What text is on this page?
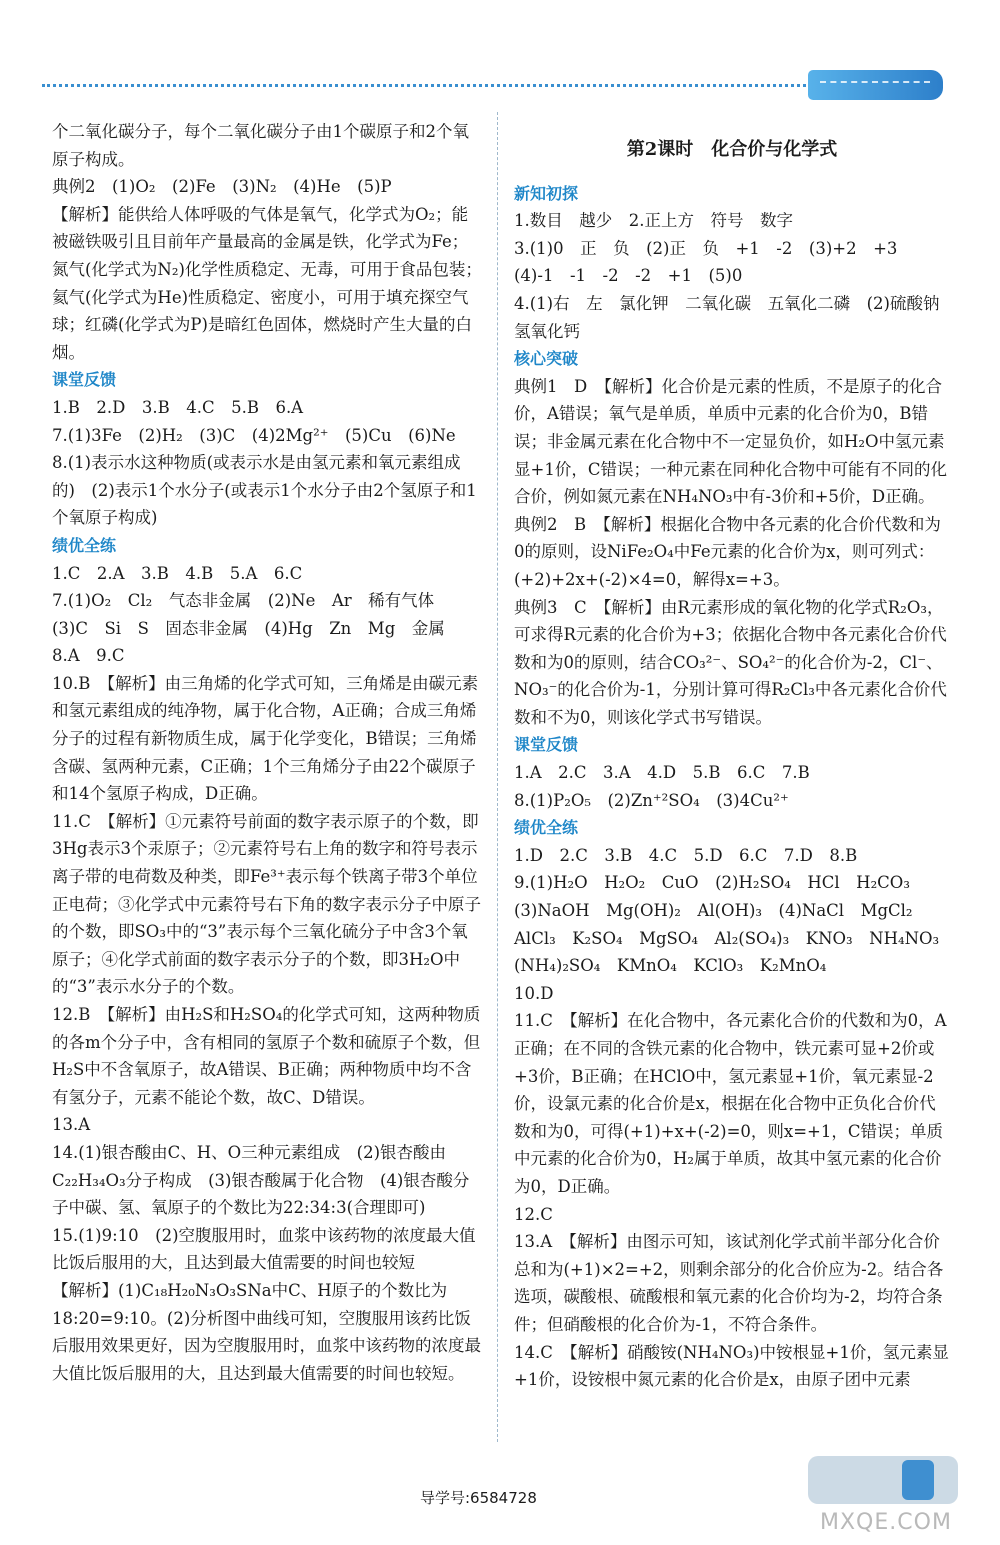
个二氧化碳分子，每个二氧化碳分子由1个碳原子和2个氧原子构成。

典例2　(1)O₂　(2)Fe　(3)N₂　(4)He　(5)P

【解析】能供给人体呼吸的气体是氧气，化学式为O₂；能被磁铁吸引且目前年产量最高的金属是铁，化学式为Fe；氮气(化学式为N₂)化学性质稳定、无毒，可用于食品包装；氦气(化学式为He)性质稳定、密度小，可用于填充探空气球；红磷(化学式为P)是暗红色固体，燃烧时产生大量的白烟。

课堂反馈

1.B　2.D　3.B　4.C　5.B　6.A

7.(1)3Fe　(2)H₂　(3)C　(4)2Mg²⁺　(5)Cu　(6)Ne

8.(1)表示水这种物质(或表示水是由氢元素和氧元素组成的)　(2)表示1个水分子(或表示1个水分子由2个氢原子和1个氧原子构成)

绩优全练

1.C　2.A　3.B　4.B　5.A　6.C

7.(1)O₂　Cl₂　气态非金属　(2)Ne　Ar　稀有气体
(3)C　Si　S　固态非金属　(4)Hg　Zn　Mg　金属

8.A　9.C

10.B　【解析】由三角烯的化学式可知，三角烯是由碳元素和氢元素组成的纯净物，属于化合物，A正确；合成三角烯分子的过程有新物质生成，属于化学变化，B错误；三角烯含碳、氢两种元素，C正确；1个三角烯分子由22个碳原子和14个氢原子构成，D正确。

11.C　【解析】①元素符号前面的数字表示原子的个数，即3Hg表示3个汞原子；②元素符号右上角的数字和符号表示离子带的电荷数及种类，即Fe³⁺表示每个铁离子带3个单位正电荷；③化学式中元素符号右下角的数字表示分子中原子的个数，即SO₃中的“3”表示每个三氧化硫分子中含3个氧原子；④化学式前面的数字表示分子的个数，即3H₂O中的“3”表示水分子的个数。

12.B　【解析】由H₂S和H₂SO₄的化学式可知，这两种物质的各m个分子中，含有相同的氢原子个数和硫原子个数，但H₂S中不含氧原子，故A错误、B正确；两种物质中均不含有氢分子，元素不能论个数，故C、D错误。

13.A

14.(1)银杏酸由C、H、O三种元素组成　(2)银杏酸由C₂₂H₃₄O₃分子构成　(3)银杏酸属于化合物　(4)银杏酸分子中碳、氢、氧原子的个数比为22:34:3(合理即可)

15.(1)9:10　(2)空腹服用时，血浆中该药物的浓度最大值比饭后服用的大，且达到最大值需要的时间也较短

【解析】(1)C₁₈H₂₀N₃O₃SNa中C、H原子的个数比为18:20=9:10。(2)分析图中曲线可知，空腹服用该药比饭后服用效果更好，因为空腹服用时，血浆中该药物的浓度最大值比饭后服用的大，且达到最大值需要的时间也较短。

第2课时　化合价与化学式

新知初探

1.数目　越少　2.正上方　符号　数字

3.(1)0　正　负　(2)正　负　+1　-2　(3)+2　+3
(4)-1　-1　-2　-2　+1　(5)0

4.(1)右　左　氯化钾　二氧化碳　五氧化二磷　(2)硫酸钠　氢氧化钙

核心突破

典例1　D　【解析】化合价是元素的性质，不是原子的化合价，A错误；氧气是单质，单质中元素的化合价为0，B错误；非金属元素在化合物中不一定显负价，如H₂O中氢元素显+1价，C错误；一种元素在同种化合物中可能有不同的化合价，例如氮元素在NH₄NO₃中有-3价和+5价，D正确。

典例2　B　【解析】根据化合物中各元素的化合价代数和为0的原则，设NiFe₂O₄中Fe元素的化合价为x，则可列式：(+2)+2x+(-2)×4=0，解得x=+3。

典例3　C　【解析】由R元素形成的氧化物的化学式R₂O₃，可求得R元素的化合价为+3；依据化合物中各元素化合价代数和为0的原则，结合CO₃²⁻、SO₄²⁻的化合价为-2，Cl⁻、NO₃⁻的化合价为-1，分别计算可得R₂Cl₃中各元素化合价代数和不为0，则该化学式书写错误。

课堂反馈

1.A　2.C　3.A　4.D　5.B　6.C　7.B

8.(1)P₂O₅　(2)Zn⁺²SO₄　(3)4Cu²⁺

绩优全练

1.D　2.C　3.B　4.C　5.D　6.C　7.D　8.B

9.(1)H₂O　H₂O₂　CuO　(2)H₂SO₄　HCl　H₂CO₃
(3)NaOH　Mg(OH)₂　Al(OH)₃　(4)NaCl　MgCl₂
AlCl₃　K₂SO₄　MgSO₄　Al₂(SO₄)₃　KNO₃　NH₄NO₃
(NH₄)₂SO₄　KMnO₄　KClO₃　K₂MnO₄

10.D

11.C　【解析】在化合物中，各元素化合价的代数和为0，A正确；在不同的含铁元素的化合物中，铁元素可显+2价或+3价，B正确；在HClO中，氢元素显+1价，氧元素显-2价，设氯元素的化合价是x，根据在化合物中正负化合价代数和为0，可得(+1)+x+(-2)=0，则x=+1，C错误；单质中元素的化合价为0，H₂属于单质，故其中氢元素的化合价为0，D正确。

12.C

13.A　【解析】由图示可知，该试剂化学式前半部分化合价总和为(+1)×2=+2，则剩余部分的化合价应为-2。结合各选项，碳酸根、硫酸根和氧元素的化合价均为-2，均符合条件；但硝酸根的化合价为-1，不符合条件。

14.C　【解析】硝酸铵(NH₄NO₃)中铵根显+1价，氢元素显+1价，设铵根中氮元素的化合价是x，由原子团中元素

导学号:6584728
MXQE.COM
